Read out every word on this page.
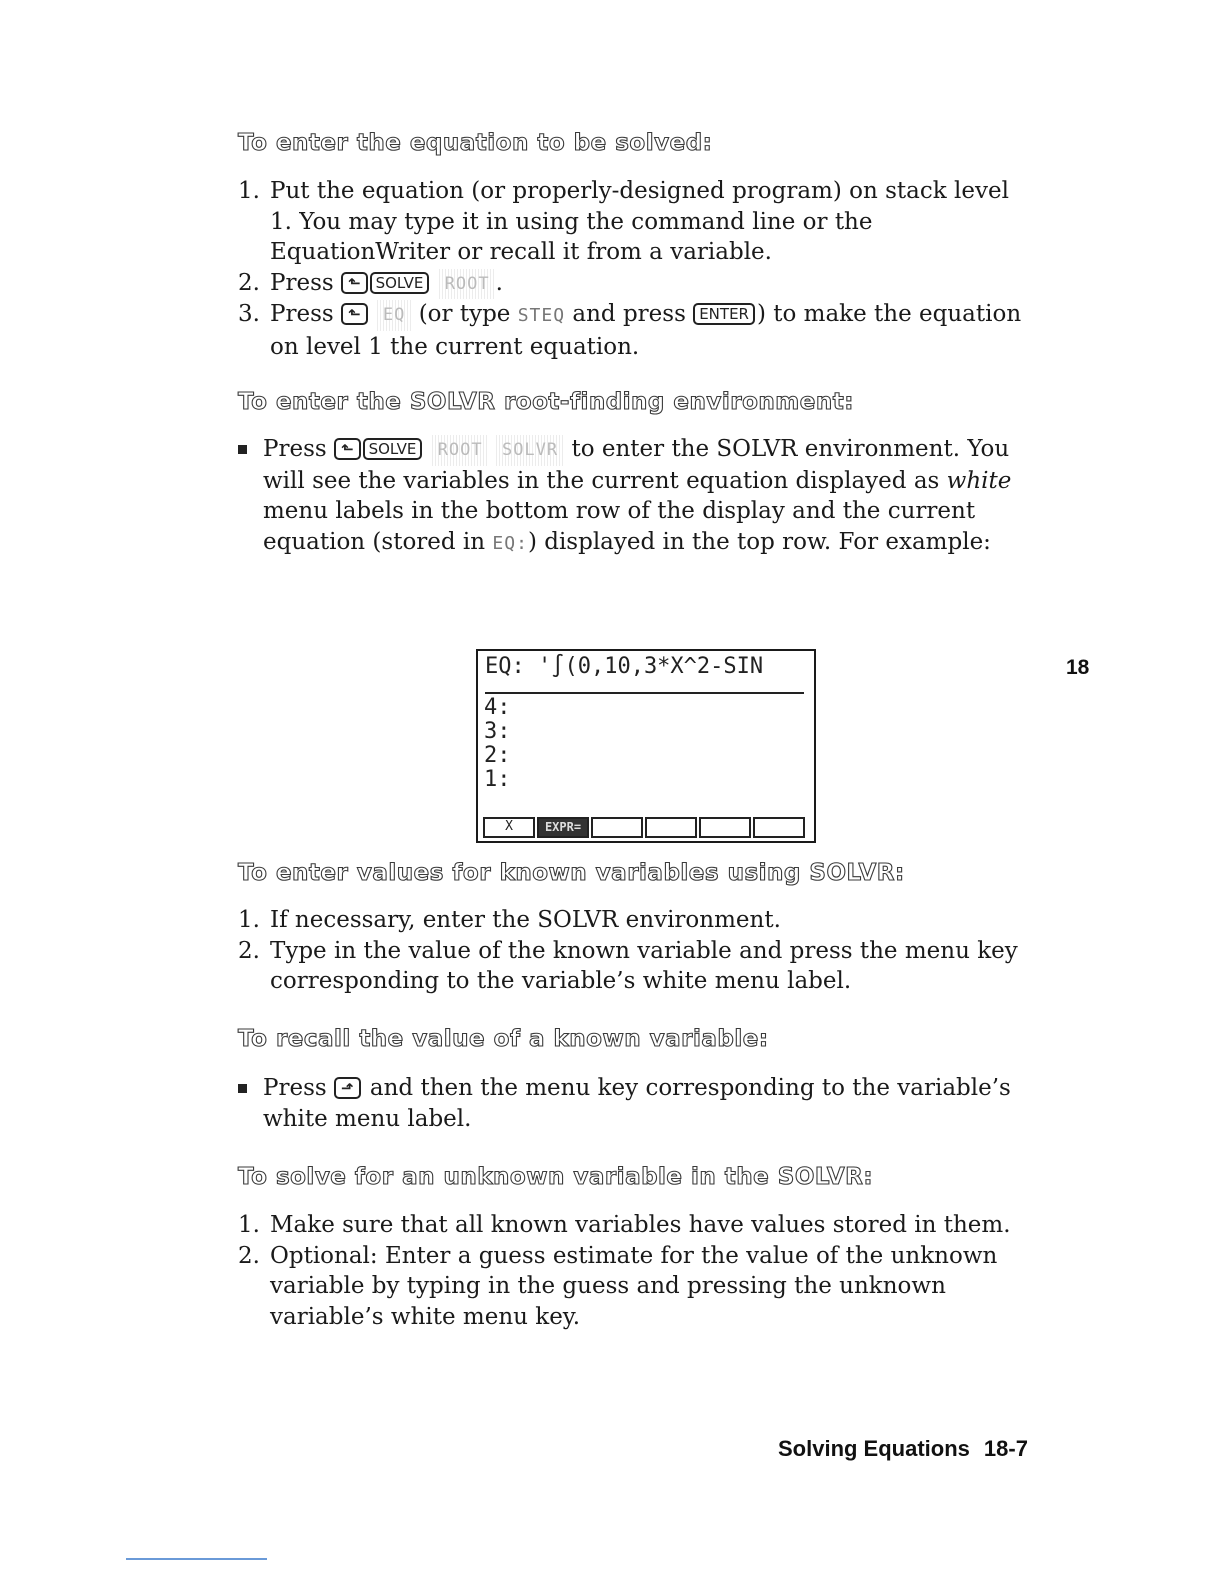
To enter the equation to be solved:
1. Put the equation (or properly-designed program) on stack level 1. You may type it in using the command line or the EquationWriter or recall it from a variable.
2. Press ⬑ SOLVE ROOT .
3. Press ⬑ EQ (or type STEQ and press ENTER ) to make the equation on level 1 the current equation.
To enter the SOLVR root-finding environment:
Press ⬑ SOLVE ROOT SOLVR to enter the SOLVR environment. You will see the variables in the current equation displayed as white menu labels in the bottom row of the display and the current equation (stored in EQ:) displayed in the top row. For example:
EQ: '∫(0,10,3*X^2-SIN
4:
3:
2:
1:
X	EXPR=
18
To enter values for known variables using SOLVR:
1. If necessary, enter the SOLVR environment.
2. Type in the value of the known variable and press the menu key corresponding to the variable’s white menu label.
To recall the value of a known variable:
Press ⬏ and then the menu key corresponding to the variable’s white menu label.
To solve for an unknown variable in the SOLVR:
1. Make sure that all known variables have values stored in them.
2. Optional: Enter a guess estimate for the value of the unknown variable by typing in the guess and pressing the unknown variable’s white menu key.
Solving Equations 18-7
